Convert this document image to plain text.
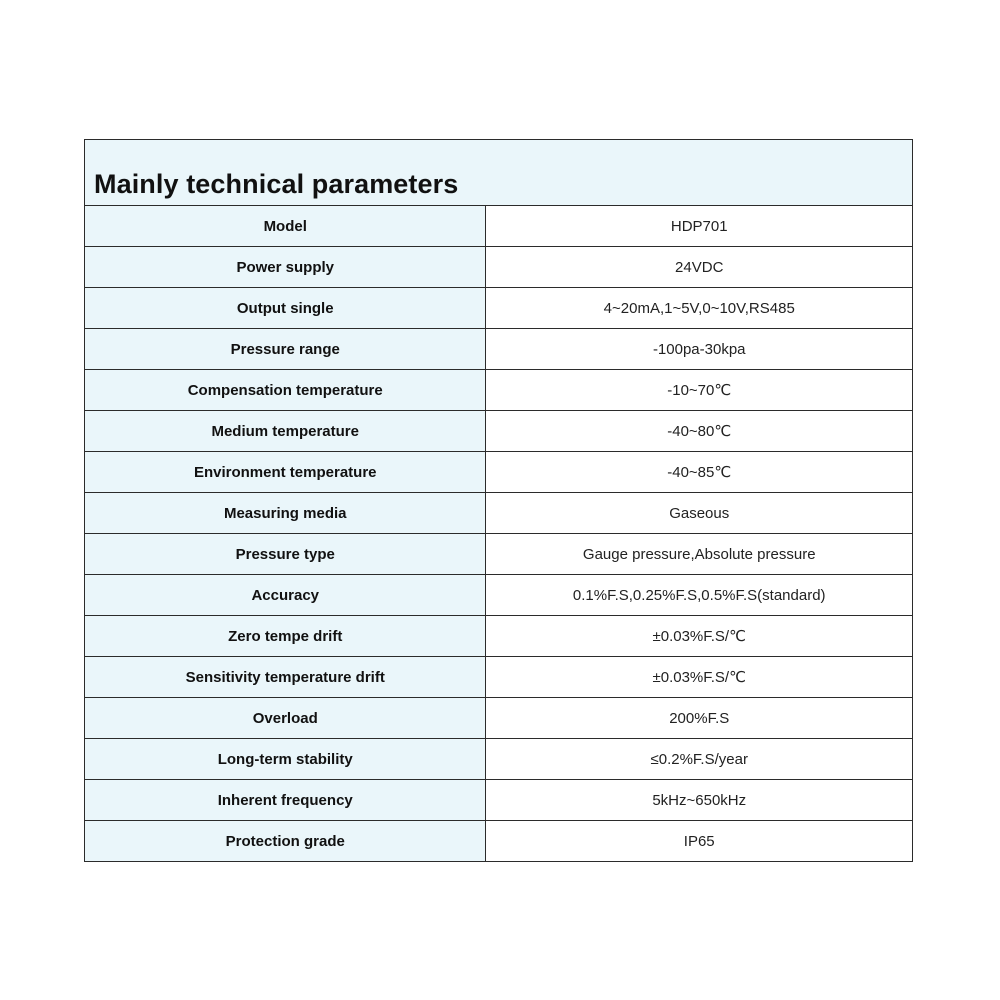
Mainly technical parameters	
Model	HDP701
Power supply	24VDC
Output single	4~20mA,1~5V,0~10V,RS485
Pressure range	-100pa-30kpa
Compensation temperature	-10~70℃
Medium temperature	-40~80℃
Environment temperature	-40~85℃
Measuring media	Gaseous
Pressure type	Gauge pressure,Absolute pressure
Accuracy	0.1%F.S,0.25%F.S,0.5%F.S(standard)
Zero tempe drift	±0.03%F.S/℃
Sensitivity temperature drift	±0.03%F.S/℃
Overload	200%F.S
Long-term stability	≤0.2%F.S/year
Inherent frequency	5kHz~650kHz
Protection grade	IP65
